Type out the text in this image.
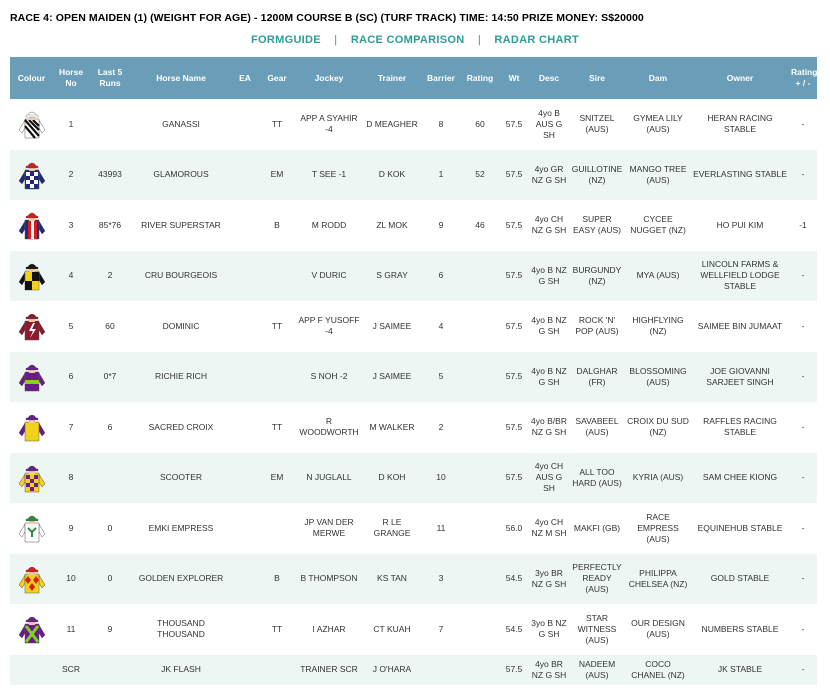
RACE 4: OPEN MAIDEN (1) (WEIGHT FOR AGE) - 1200M COURSE B (SC) (TURF TRACK) TIME: 14:50 PRIZE MONEY: S$20000
FORMGUIDE | RACE COMPARISON | RADAR CHART
Colour	Horse No	Last 5 Runs	Horse Name	EA	Gear	Jockey	Trainer	Barrier	Rating	Wt	Desc	Sire	Dam	Owner	Rating + / -

	1		GANASSI		TT	APP A SYAHIR -4	D MEAGHER	8	60	57.5	4yo B AUS G SH	SNITZEL (AUS)	GYMEA LILY (AUS)	HERAN RACING STABLE	-

	2	43993	GLAMOROUS		EM	T SEE -1	D KOK	1	52	57.5	4yo GR NZ G SH	GUILLOTINE (NZ)	MANGO TREE (AUS)	EVERLASTING STABLE	-

	3	85*76	RIVER SUPERSTAR		B	M RODD	ZL MOK	9	46	57.5	4yo CH NZ G SH	SUPER EASY (AUS)	CYCEE NUGGET (NZ)	HO PUI KIM	-1

	4	2	CRU BOURGEOIS			V DURIC	S GRAY	6		57.5	4yo B NZ G SH	BURGUNDY (NZ)	MYA (AUS)	LINCOLN FARMS & WELLFIELD LODGE STABLE	-

	5	60	DOMINIC		TT	APP F YUSOFF -4	J SAIMEE	4		57.5	4yo B NZ G SH	ROCK 'N' POP (AUS)	HIGHFLYING (NZ)	SAIMEE BIN JUMAAT	-

	6	0*7	RICHIE RICH			S NOH -2	J SAIMEE	5		57.5	4yo B NZ G SH	DALGHAR (FR)	BLOSSOMING (AUS)	JOE GIOVANNI SARJEET SINGH	-

	7	6	SACRED CROIX		TT	R WOODWORTH	M WALKER	2		57.5	4yo B/BR NZ G SH	SAVABEEL (AUS)	CROIX DU SUD (NZ)	RAFFLES RACING STABLE	-

	8		SCOOTER		EM	N JUGLALL	D KOH	10		57.5	4yo CH AUS G SH	ALL TOO HARD (AUS)	KYRIA (AUS)	SAM CHEE KIONG	-

	9	0	EMKI EMPRESS			JP VAN DER MERWE	R LE GRANGE	11		56.0	4yo CH NZ M SH	MAKFI (GB)	RACE EMPRESS (AUS)	EQUINEHUB STABLE	-

	10	0	GOLDEN EXPLORER		B	B THOMPSON	KS TAN	3		54.5	3yo BR NZ G SH	PERFECTLY READY (AUS)	PHILIPPA CHELSEA (NZ)	GOLD STABLE	-

	11	9	THOUSAND THOUSAND		TT	I AZHAR	CT KUAH	7		54.5	3yo B NZ G SH	STAR WITNESS (AUS)	OUR DESIGN (AUS)	NUMBERS STABLE	-
	SCR		JK FLASH			TRAINER SCR	J O'HARA			57.5	4yo BR NZ G SH	NADEEM (AUS)	COCO CHANEL (NZ)	JK STABLE	-
